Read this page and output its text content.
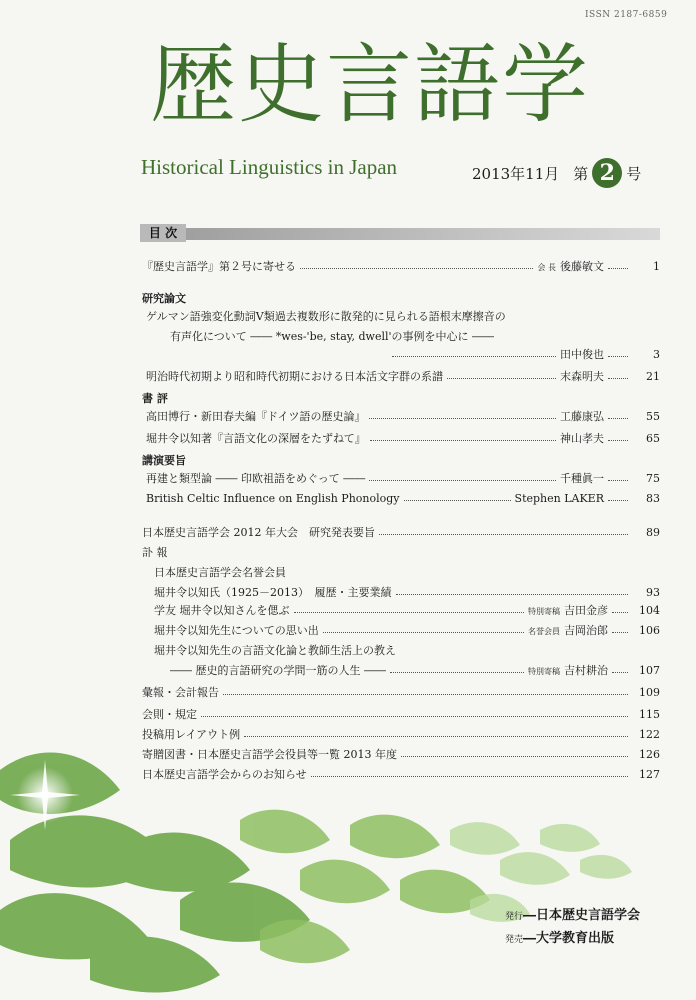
ISSN 2187-6859
歴史言語学
Historical Linguistics in Japan	2013年11月 第 2 号
目 次
『歴史言語学』第２号に寄せる	会 長 後藤敏文	1
研究論文
ゲルマン語強変化動詞Ⅴ類過去複数形に散発的に見られる語根末摩擦音の
有声化について ―― *wes-'be, stay, dwell'の事例を中心に ――
田中俊也	3
明治時代初期より昭和時代初期における日本活文字群の系譜	末森明夫	21
書 評
高田博行・新田春夫編『ドイツ語の歴史論』	工藤康弘	55
堀井令以知著『言語文化の深層をたずねて』	神山孝夫	65
講演要旨
再建と類型論 ―― 印欧祖語をめぐって ――	千種眞一	75
British Celtic Influence on English Phonology	Stephen LAKER	83
日本歴史言語学会 2012 年大会　研究発表要旨	89
訃 報
日本歴史言語学会名誉会員
堀井令以知氏（1925－2013）　履歴・主要業績	93
学友 堀井令以知さんを偲ぶ	特別寄稿 吉田金彦	104
堀井令以知先生についての思い出	名誉会員 吉岡治郎	106
堀井令以知先生の言語文化論と教師生活上の教え
―― 歴史的言語研究の学問一筋の人生 ――	特別寄稿 吉村耕治	107
彙報・会計報告	109
会則・規定	115
投稿用レイアウト例	122
寄贈図書・日本歴史言語学会役員等一覧 2013 年度	126
日本歴史言語学会からのお知らせ	127
発行―日本歴史言語学会
発売―大学教育出版
